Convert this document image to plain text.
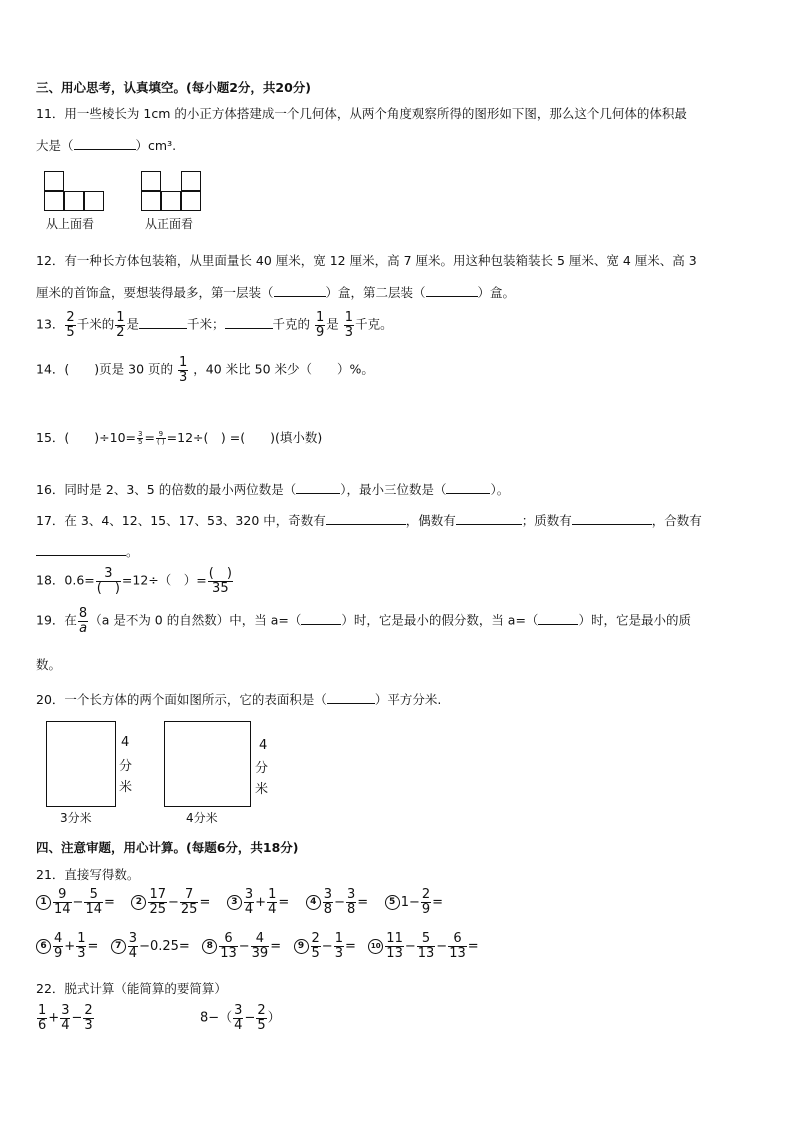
三、用心思考，认真填空。(每小题2分，共20分)
11．用一些棱长为 1cm 的小正方体搭建成一个几何体，从两个角度观察所得的图形如下图，那么这个几何体的体积最
大是（	）cm³.
从上面看	从正面看
12．有一种长方体包装箱，从里面量长 40 厘米，宽 12 厘米，高 7 厘米。用这种包装箱装长 5 厘米、宽 4 厘米、高 3
厘米的首饰盒，要想装得最多，第一层装（	）盒，第二层装（	）盒。
13． $\frac{2}{5}$ 千米的 $\frac{1}{2}$ 是	千米；	千克的 $\frac{1}{9}$ 是 $\frac{1}{3}$ 千克。
14．(　　)页是 30 页的 $\frac{1}{3}$ ，40 米比 50 米少（　　）%。
15．(　　)$\div 10= \frac{3}{5} = \frac{9}{( )} =12\div$(　) =(　　)(填小数)
16．同时是 2、3、5 的倍数的最小两位数是（	），最小三位数是（	）。
17．在 3、4、12、15、17、53、320 中，奇数有	，偶数有	；质数有	，合数有
。
18．$0.6= \frac{3}{( )} =12\div$（　）= $\frac{( )}{35}$
19．在 $\frac{8}{a} (a$ 是不为 0 的自然数）中，当 a=（	）时，它是最小的假分数，当 a=（	）时，它是最小的质
数。
20．一个长方体的两个面如图所示，它的表面积是（	）平方分米.
4
分
米
3分米
4
分
米
4分米
四、注意审题，用心计算。(每题6分，共18分)
21．直接写得数。
$1 \frac{9}{14} - \frac{5}{14} = 2 \frac{17}{25} - \frac{7}{25} = 3 \frac{3}{4} + \frac{1}{4} = 4 \frac{3}{8} - \frac{3}{8} = 5$ $1- \frac{2}{9}$ =
$6 \frac{4}{9} + \frac{1}{3} = 7 \frac{3}{4} -0.25= 8 \frac{6}{13} - \frac{4}{39} = 9 \frac{2}{5} - \frac{1}{3} = 10 \frac{11}{13} - \frac{5}{13} - \frac{6}{13}$ =
22．脱式计算（能简算的要简算）
$\frac{1}{6} + \frac{3}{4} - \frac{2}{3}$	$8-( \frac{3}{4} - \frac{2}{5}$ ）
